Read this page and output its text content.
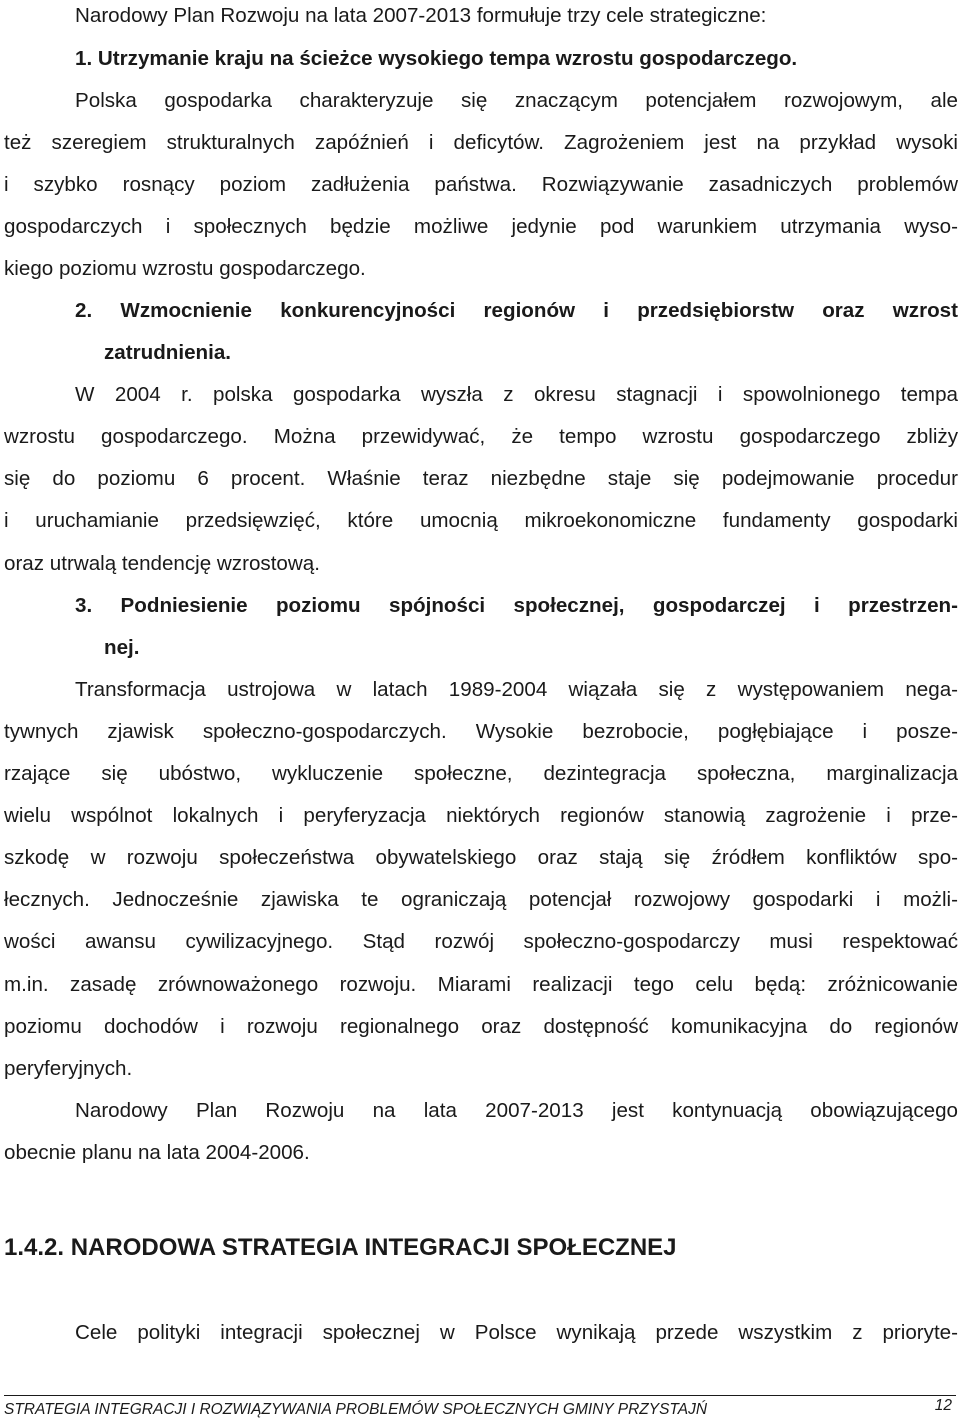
Narodowy Plan Rozwoju na lata 2007-2013 formułuje trzy cele strategiczne:
1. Utrzymanie kraju na ścieżce wysokiego tempa wzrostu gospodarczego.
Polska gospodarka charakteryzuje się znaczącym potencjałem rozwojowym, ale
też szeregiem strukturalnych zapóźnień i deficytów. Zagrożeniem jest na przykład wysoki
i szybko rosnący poziom zadłużenia państwa. Rozwiązywanie zasadniczych problemów
gospodarczych i społecznych będzie możliwe jedynie pod warunkiem utrzymania wyso-
kiego poziomu wzrostu gospodarczego.
2. Wzmocnienie konkurencyjności regionów i przedsiębiorstw oraz wzrost
zatrudnienia.
W 2004 r. polska gospodarka wyszła z okresu stagnacji i spowolnionego tempa
wzrostu gospodarczego. Można przewidywać, że tempo wzrostu gospodarczego zbliży
się do poziomu 6 procent. Właśnie teraz niezbędne staje się podejmowanie procedur
i uruchamianie przedsięwzięć, które umocnią mikroekonomiczne fundamenty gospodarki
oraz utrwalą tendencję wzrostową.
3. Podniesienie poziomu spójności społecznej, gospodarczej i przestrzen-
nej.
Transformacja ustrojowa w latach 1989-2004 wiązała się z występowaniem nega-
tywnych zjawisk społeczno-gospodarczych. Wysokie bezrobocie, pogłębiające i posze-
rzające się ubóstwo, wykluczenie społeczne, dezintegracja społeczna, marginalizacja
wielu wspólnot lokalnych i peryferyzacja niektórych regionów stanowią zagrożenie i prze-
szkodę w rozwoju społeczeństwa obywatelskiego oraz stają się źródłem konfliktów spo-
łecznych. Jednocześnie zjawiska te ograniczają potencjał rozwojowy gospodarki i możli-
wości awansu cywilizacyjnego. Stąd rozwój społeczno-gospodarczy musi respektować
m.in. zasadę zrównoważonego rozwoju. Miarami realizacji tego celu będą: zróżnicowanie
poziomu dochodów i rozwoju regionalnego oraz dostępność komunikacyjna do regionów
peryferyjnych.
Narodowy Plan Rozwoju na lata 2007-2013 jest kontynuacją obowiązującego
obecnie planu na lata 2004-2006.
1.4.2. NARODOWA STRATEGIA INTEGRACJI SPOŁECZNEJ
Cele polityki integracji społecznej w Polsce wynikają przede wszystkim z prioryte-
STRATEGIA INTEGRACJI I ROZWIĄZYWANIA PROBLEMÓW SPOŁECZNYCH GMINY PRZYSTAJŃ	12
